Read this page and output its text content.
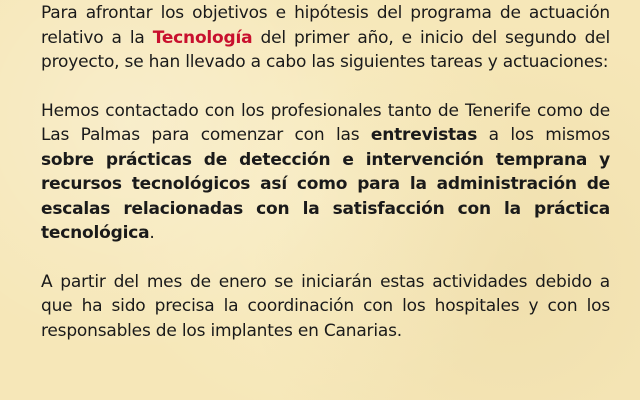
Para afrontar los objetivos e hipótesis del programa de actuación relativo a la Tecnología del primer año, e inicio del segundo del proyecto, se han llevado a cabo las siguientes tareas y actuaciones:

Hemos contactado con los profesionales tanto de Tenerife como de Las Palmas para comenzar con las entrevistas a los mismos sobre prácticas de detección e intervención temprana y recursos tecnológicos así como para la administración de escalas relacionadas con la satisfacción con la práctica tecnológica.

A partir del mes de enero se iniciarán estas actividades debido a que ha sido precisa la coordinación con los hospitales y con los responsables de los implantes en Canarias.
